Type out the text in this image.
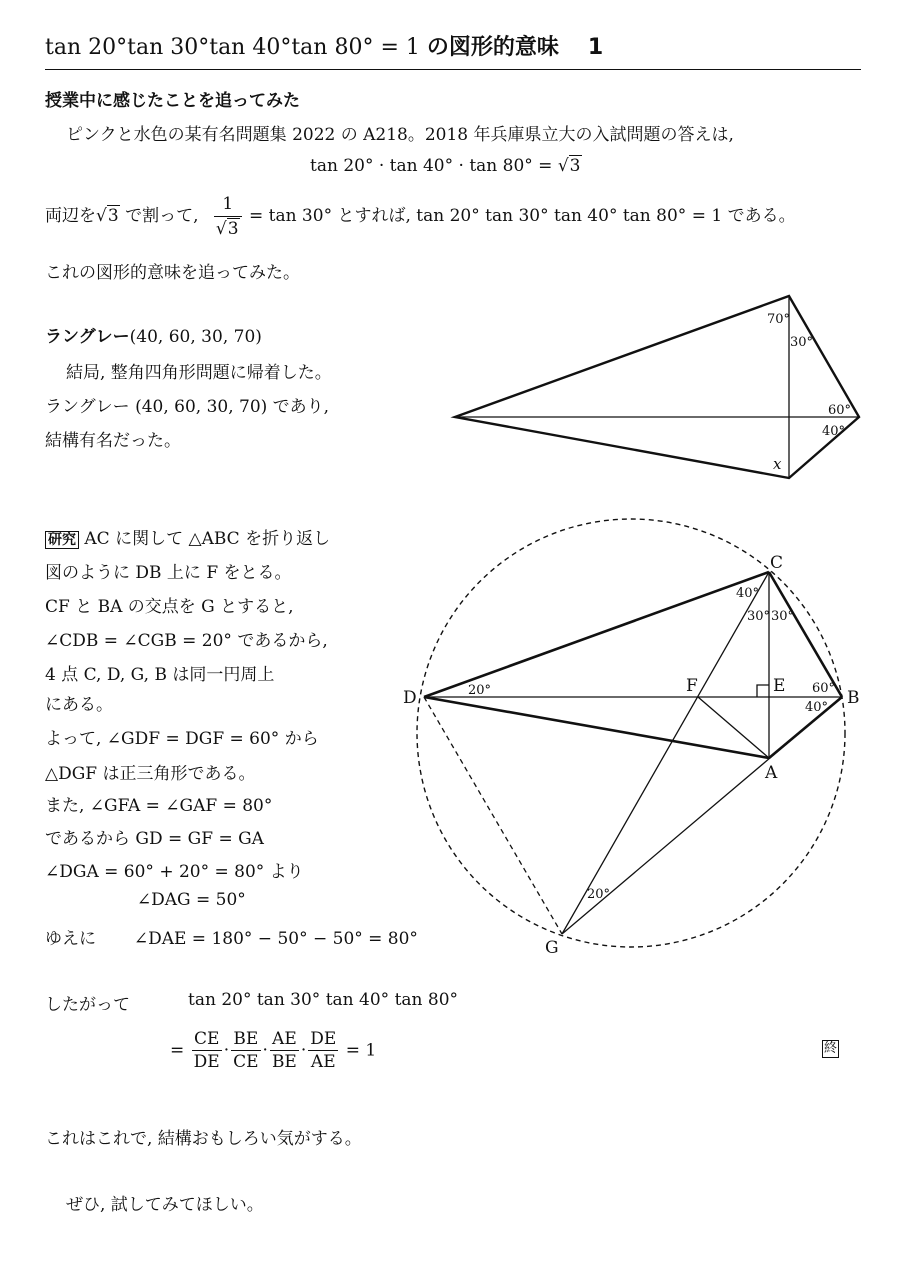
tan 20°tan 30°tan 40°tan 80° = 1 の図形的意味 1
授業中に感じたことを追ってみた
ピンクと水色の某有名問題集 2022 の A218。2018 年兵庫県立大の入試問題の答えは,
tan 20° · tan 40° · tan 80° = √3
両辺を√3 で割って, $\frac{1}{√3} = \tan 30^\circ$ とすれば, tan 20° tan 30° tan 40° tan 80° = 1 である。
これの図形的意味を追ってみた。
ラングレー(40, 60, 30, 70)
結局, 整角四角形問題に帰着した。
ラングレー (40, 60, 30, 70) であり,
結構有名だった。
70°
30°
60°
40°
x
研究 AC に関して △ABC を折り返し
図のように DB 上に F をとる。
CF と BA の交点を G とすると,
∠CDB = ∠CGB = 20° であるから,
4 点 C, D, G, B は同一円周上
にある。
よって, ∠GDF = DGF = 60° から
△DGF は正三角形である。
また, ∠GFA = ∠GAF = 80°
であるから GD = GF = GA
∠DGA = 60° + 20° = 80° より
∠DAG = 50°
ゆえに       ∠DAE = 180° − 50° − 50° = 80°
C
D
F	E
B
A
G
40°
30° 30°
20°	60°
40°
20°
したがって	tan 20° tan 30° tan 40° tan 80°
= $\frac{CE}{DE} \cdot \frac{BE}{CE} \cdot \frac{AE}{BE} \cdot \frac{DE}{AE} = 1$	終
これはこれで, 結構おもしろい気がする。
ぜひ, 試してみてほしい。
